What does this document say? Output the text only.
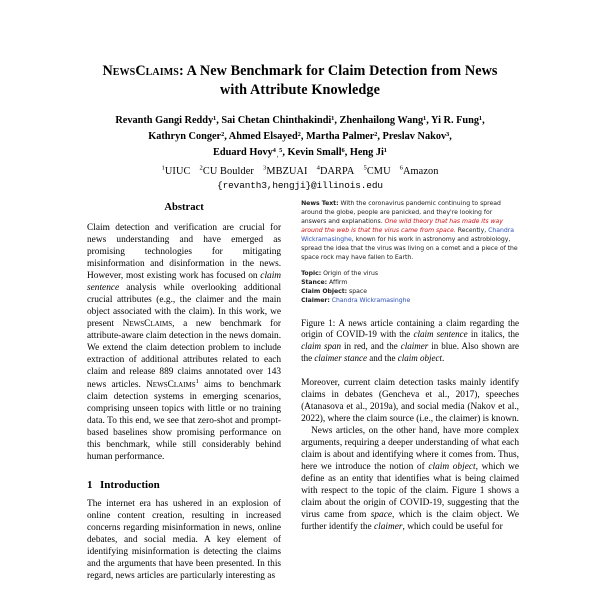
NewsClaims: A New Benchmark for Claim Detection from News
with Attribute Knowledge
Revanth Gangi Reddy¹, Sai Chetan Chinthakindi¹, Zhenhailong Wang¹, Yi R. Fung¹,
Kathryn Conger², Ahmed Elsayed², Martha Palmer², Preslav Nakov³,
Eduard Hovy⁴ˌ⁵, Kevin Small⁶, Heng Ji¹
$^1$UIUC $^2$CU Boulder $^3$MBZUAI $^4$DARPA $^5$CMU $^6$Amazon
{revanth3,hengji}@illinois.edu
Abstract

Claim detection and verification are crucial for news understanding and have emerged as promising technologies for mitigating misinformation and disinformation in the news. However, most existing work has focused on claim sentence analysis while overlooking additional crucial attributes (e.g., the claimer and the main object associated with the claim). In this work, we present NewsClaims, a new benchmark for attribute-aware claim detection in the news domain. We extend the claim detection problem to include extraction of additional attributes related to each claim and release 889 claims annotated over 143 news articles. NewsClaims$^1$ aims to benchmark claim detection systems in emerging scenarios, comprising unseen topics with little or no training data. To this end, we see that zero-shot and prompt-based baselines show promising performance on this benchmark, while still considerably behind human performance.

1 Introduction

The internet era has ushered in an explosion of online content creation, resulting in increased concerns regarding misinformation in news, online debates, and social media. A key element of identifying misinformation is detecting the claims and the arguments that have been presented. In this regard, news articles are particularly interesting as

News Text: With the coronavirus pandemic continuing to spread around the globe, people are panicked, and they're looking for answers and explanations. One wild theory that has made its way around the web is that the virus came from space. Recently, Chandra Wickramasinghe, known for his work in astronomy and astrobiology, spread the idea that the virus was living on a comet and a piece of the space rock may have fallen to Earth.
Topic: Origin of the virus
Stance: Affirm
Claim Object: space
Claimer: Chandra Wickramasinghe

Figure 1: A news article containing a claim regarding the origin of COVID-19 with the claim sentence in italics, the claim span in red, and the claimer in blue. Also shown are the claimer stance and the claim object.

Moreover, current claim detection tasks mainly identify claims in debates (Gencheva et al., 2017), speeches (Atanasova et al., 2019a), and social media (Nakov et al., 2022), where the claim source (i.e., the claimer) is known.

News articles, on the other hand, have more complex arguments, requiring a deeper understanding of what each claim is about and identifying where it comes from. Thus, here we introduce the notion of claim object, which we define as an entity that identifies what is being claimed with respect to the topic of the claim. Figure 1 shows a claim about the origin of COVID-19, suggesting that the virus came from space, which is the claim object. We further identify the claimer, which could be useful for
